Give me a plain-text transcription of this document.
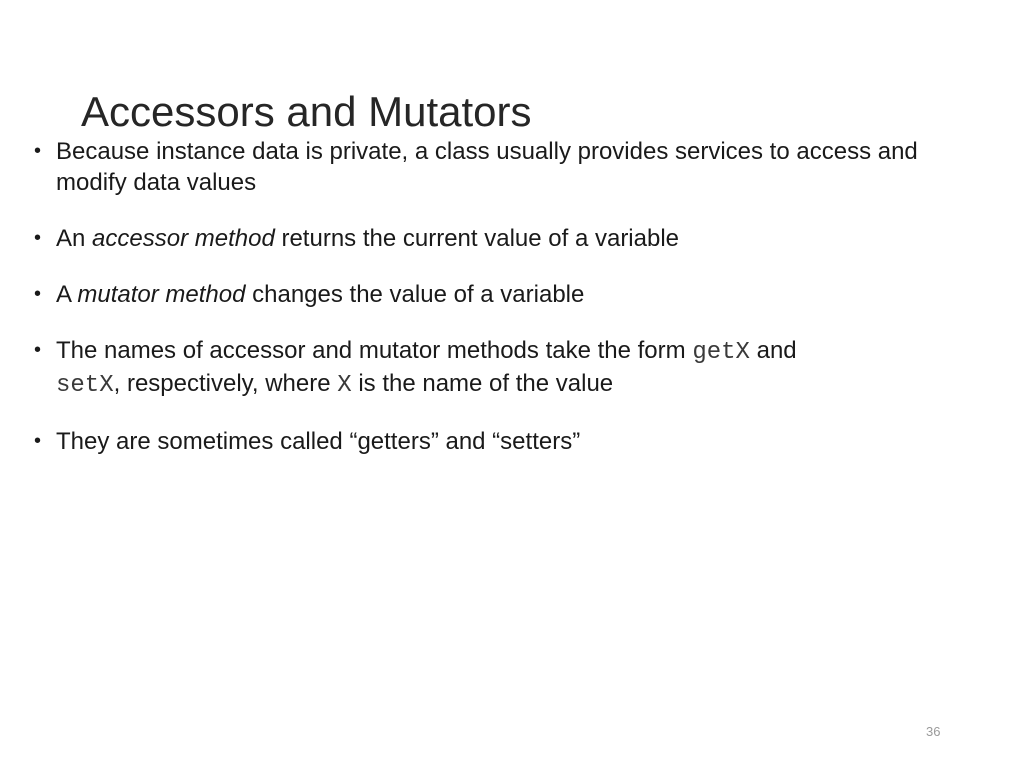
Accessors and Mutators
• Because instance data is private, a class usually provides services to access and modify data values
• An accessor method returns the current value of a variable
• A mutator method changes the value of a variable
• The names of accessor and mutator methods take the form getX and
setX, respectively, where X is the name of the value
• They are sometimes called “getters” and “setters”
36
